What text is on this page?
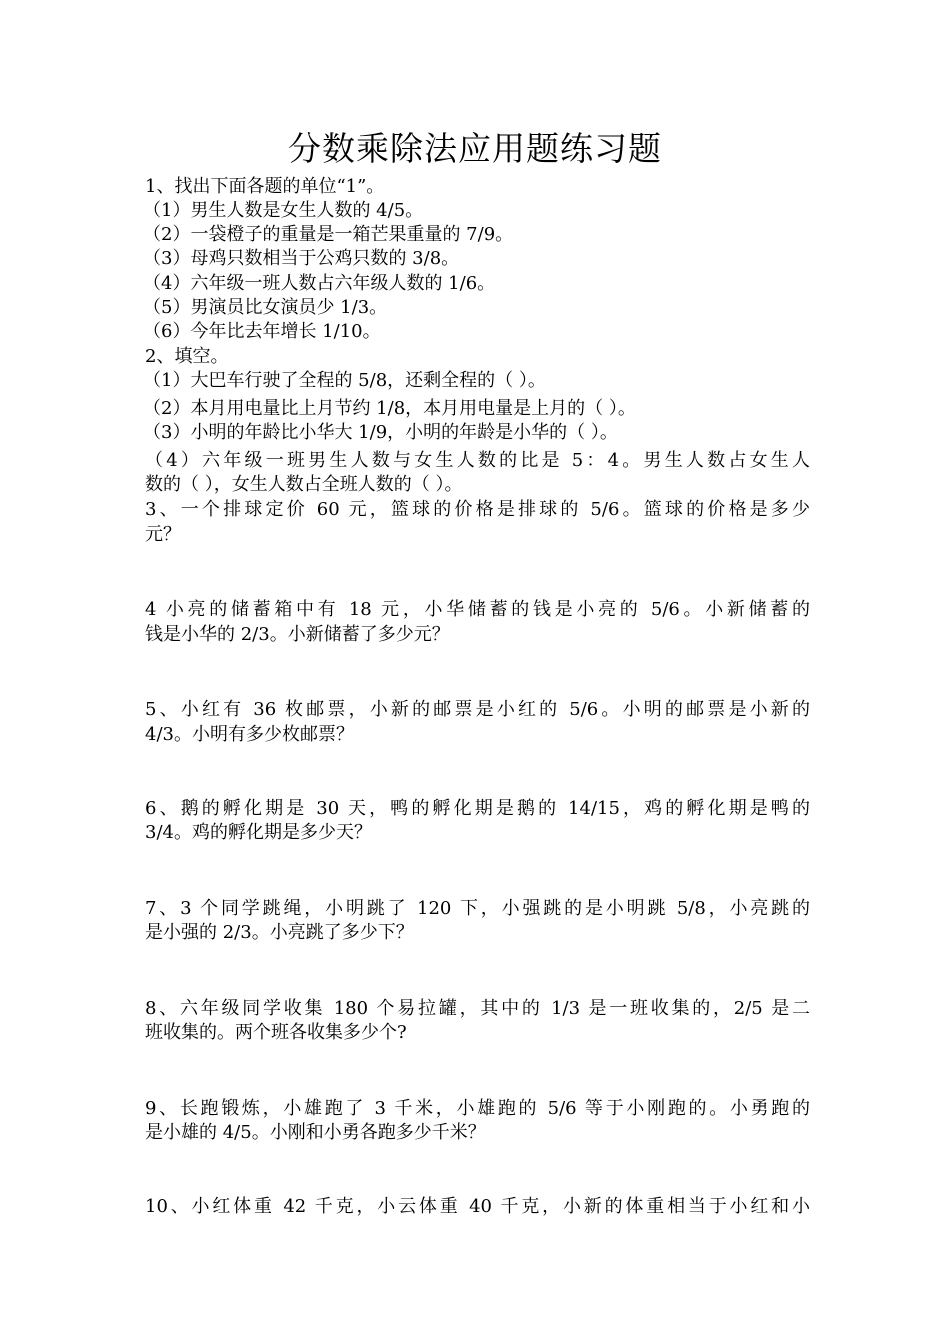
分数乘除法应用题练习题
1、找出下面各题的单位“1”。
（1）男生人数是女生人数的 4/5。
（2）一袋橙子的重量是一箱芒果重量的 7/9。
（3）母鸡只数相当于公鸡只数的 3/8。
（4）六年级一班人数占六年级人数的 1/6。
（5）男演员比女演员少 1/3。
（6）今年比去年增长 1/10。
2、填空。
（1）大巴车行驶了全程的 5/8，还剩全程的（ ）。
（2）本月用电量比上月节约 1/8，本月用电量是上月的（ ）。
（3）小明的年龄比小华大 1/9，小明的年龄是小华的（ ）。
（4）六年级一班男生人数与女生人数的比是 5：4。男生人数占女生人
数的（ ），女生人数占全班人数的（ ）。
3、一个排球定价 60 元，篮球的价格是排球的 5/6。篮球的价格是多少
元？
4 小亮的储蓄箱中有 18 元，小华储蓄的钱是小亮的 5/6。小新储蓄的
钱是小华的 2/3。小新储蓄了多少元？
5、小红有 36 枚邮票，小新的邮票是小红的 5/6。小明的邮票是小新的
4/3。小明有多少枚邮票？
6、鹅的孵化期是 30 天，鸭的孵化期是鹅的 14/15，鸡的孵化期是鸭的
3/4。鸡的孵化期是多少天？
7、3 个同学跳绳，小明跳了 120 下，小强跳的是小明跳 5/8，小亮跳的
是小强的 2/3。小亮跳了多少下？
8、六年级同学收集 180 个易拉罐，其中的 1/3 是一班收集的，2/5 是二
班收集的。两个班各收集多少个?
9、长跑锻炼，小雄跑了 3 千米，小雄跑的 5/6 等于小刚跑的。小勇跑的
是小雄的 4/5。小刚和小勇各跑多少千米？
10、小红体重 42 千克，小云体重 40 千克，小新的体重相当于小红和小
